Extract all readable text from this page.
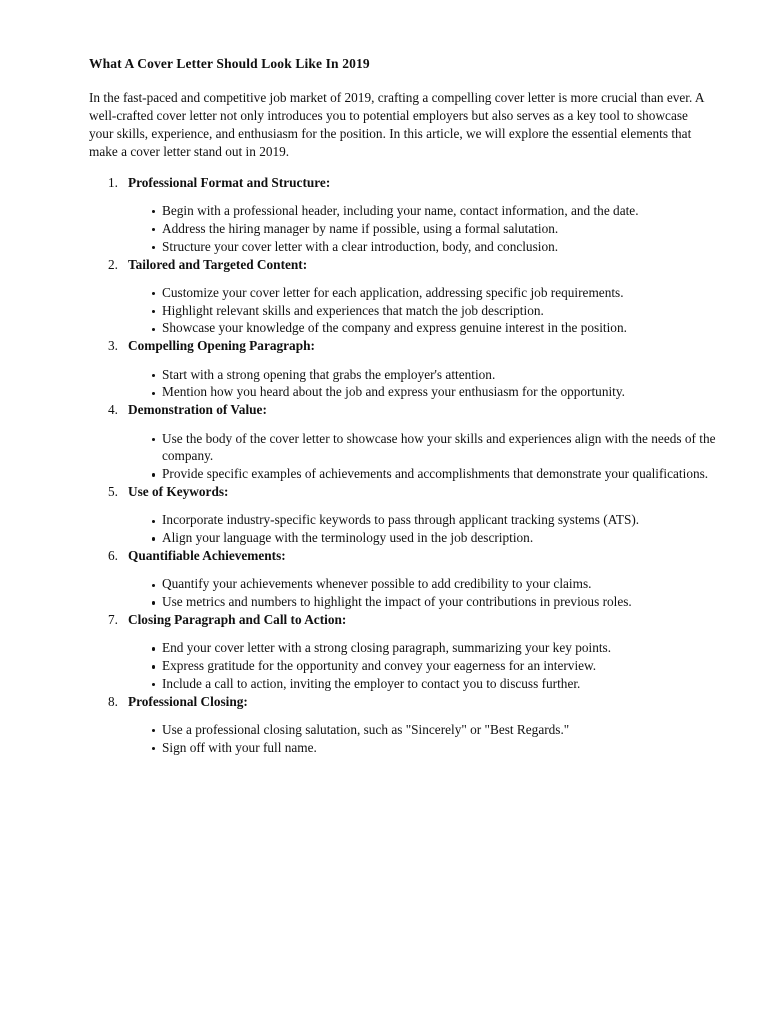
What A Cover Letter Should Look Like In 2019

In the fast-paced and competitive job market of 2019, crafting a compelling cover letter is more crucial than ever. A well-crafted cover letter not only introduces you to potential employers but also serves as a key tool to showcase your skills, experience, and enthusiasm for the position. In this article, we will explore the essential elements that make a cover letter stand out in 2019.

Professional Format and Structure:
Begin with a professional header, including your name, contact information, and the date.
Address the hiring manager by name if possible, using a formal salutation.
Structure your cover letter with a clear introduction, body, and conclusion.
Tailored and Targeted Content:
Customize your cover letter for each application, addressing specific job requirements.
Highlight relevant skills and experiences that match the job description.
Showcase your knowledge of the company and express genuine interest in the position.
Compelling Opening Paragraph:
Start with a strong opening that grabs the employer's attention.
Mention how you heard about the job and express your enthusiasm for the opportunity.
Demonstration of Value:
Use the body of the cover letter to showcase how your skills and experiences align with the needs of the company.
Provide specific examples of achievements and accomplishments that demonstrate your qualifications.
Use of Keywords:
Incorporate industry-specific keywords to pass through applicant tracking systems (ATS).
Align your language with the terminology used in the job description.
Quantifiable Achievements:
Quantify your achievements whenever possible to add credibility to your claims.
Use metrics and numbers to highlight the impact of your contributions in previous roles.
Closing Paragraph and Call to Action:
End your cover letter with a strong closing paragraph, summarizing your key points.
Express gratitude for the opportunity and convey your eagerness for an interview.
Include a call to action, inviting the employer to contact you to discuss further.
Professional Closing:
Use a professional closing salutation, such as "Sincerely" or "Best Regards."
Sign off with your full name.
